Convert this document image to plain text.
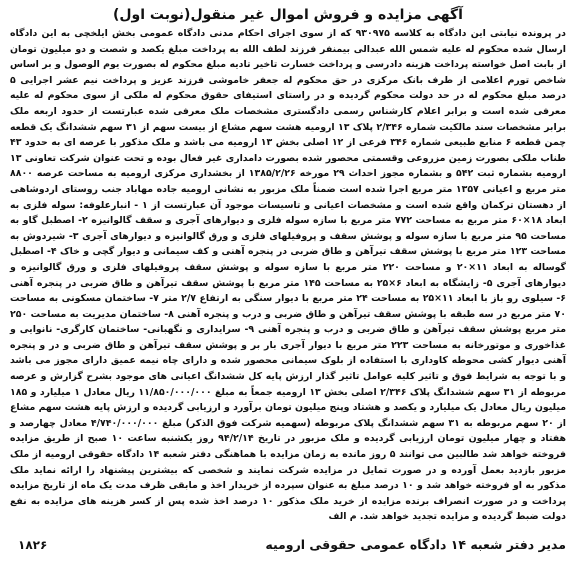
آگهی مزایده و فروش اموال غیر منقول(نوبت اول)

در پرونده نیابتی این دادگاه به کلاسه ۹۳۰۹۷۵ که از سوی اجرای احکام مدنی دادگاه عمومی بخش ایلخچی به این دادگاه ارسال شده محکوم له علیه شمس الله عبدالی بیمنفر فرزند لطف الله به پرداخت مبلغ یکصد و شصت و دو میلیون تومان از بابت اصل خواسته پرداخت هزینه دادرسی و پرداخت خسارت تاخیر تادیه مبلغ محکوم له بصورت یوم الوصول و بر اساس شاخص تورم اعلامی از طرف بانک مرکزی در حق محکوم له جعفر خاموشی فرزند عزیز و پرداخت نیم عشر اجرایی ۵ درصد مبلغ محکوم له در حد دولت محکوم گردیده و در راستای استیفای حقوق محکوم له ملکی از سوی محکوم له علیه معرفی شده است و برابر اعلام کارشناس رسمی دادگستری مشخصات ملک معرفی شده عبارتست از حدود اربعه ملک برابر مشخصات سند مالکیت شماره ۲/۳۴۶ پلاک ۱۳ ارومیه هشت سهم مشاع از بیست سهم از ۳۱ سهم ششدانگ یک قطعه چمن قطعه ۶ منابع طبیعی شماره ۳۴۶ فرعی از ۱۲ اصلی بخش ۱۳ ارومیه می باشد و ملک مذکور با عرصه ای به حدود ۴۳ طناب ملکی بصورت زمین مزروعی وقسمتی محصور شده بصورت دامداری غیر فعال بوده و تحت عنوان شرکت تعاونی ۱۳ ارومیه بشماره ثبت ۵۴۲ و بشماره مجوز احداث ۲۹ مورخه ۱۳۸۵/۲/۲۶ از بخشداری مرکزی ارومیه به مساحت عرصه ۸۸۰۰ متر مربع و اعیانی ۱۳۵۷ متر مربع اجرا شده است ضمناً ملک مزبور به نشانی ارومیه جاده مهاباد جنب روستای اردوشاهی از دهستان ترکمان واقع شده است و مشخصات اعیانی و تاسیسات موجود آن عبارتست از ۱ - انبارعلوفه: سوله فلزی به ابعاد ۱۸×۶۰ متر مربع به مساحت ۷۷۲ متر مربع با سازه سوله فلزی و دیوارهای آجری و سقف گالوانیزه ۲- اصطبل گاو به مساحت ۹۵ متر مربع با سازه سوله و پوشش سقف و پروفیلهای فلزی و ورق گالوانیزه و دیوارهای آجری ۳- شیردوش به مساحت ۱۲۳ متر مربع با پوشش سقف تیرآهن و طاق ضربی در پنجره آهنی و کف سیمانی و دیوار گچی و خاک ۴- اصطبل گوساله به ابعاد ۱۱×۲۰ و مساحت ۲۲۰ متر مربع با سازه سوله و پوشش سقف پروفیلهای فلزی و ورق گالوانیزه و دیوارهای آجری ۵- زایشگاه به ابعاد ۶×۲۵ به مساحت ۱۴۵ متر مربع با پوشش سقف تیرآهن و طاق ضربی در پنجره آهنی ۶- سیلوی رو باز با ابعاد ۱۱×۲۵ به مساحت ۲۴ متر مربع با دیوار سنگی به ارتفاع ۲/۷ متر ۷- ساختمان مسکونی به مساحت ۷۰ متر مربع در سه طبقه با پوشش سقف تیرآهن و طاق ضربی و درب و پنجره آهنی ۸- ساختمان مدیریت به مساحت ۲۵۰ متر مربع پوشش سقف تیرآهن و طاق ضربی و درب و پنجره آهنی ۹- سرایداری و نگهبانی- ساختمان کارگری- نانوایی و غذاخوری و موتورخانه به مساحت ۲۲۳ متر مربع با دیوار آجری بار بر و پوشش سقف تیرآهن و طاق ضربی و در و پنجره آهنی دیوار کشی محوطه کاوداری با استفاده از بلوک سیمانی محصور شده و دارای چاه نیمه عمیق دارای مجوز می باشد و با توجه به شرایط فوق و تاثیر کلیه عوامل تاثیر گذار ارزش پایه کل ششدانگ اعیانی های موجود بشرح گزارش و عرصه مربوطه از ۳۱ سهم ششدانگ پلاک ۲/۳۴۶ اصلی بخش ۱۳ ارومیه جمعاً به مبلغ ۱۱/۸۵۰/۰۰۰/۰۰۰ ریال معادل ۱ میلیارد و ۱۸۵ میلیون ریال معادل یک میلیارد و یکصد و هشتاد وپنج میلیون تومان برآورد و ارزیابی گردیده و ارزش پایه هشت سهم مشاع از ۲۰ سهم مربوطه به ۳۱ سهم ششدانگ پلاک مربوطه (سهمیه شرکت فوق الذکر) مبلغ ۴/۷۴۰/۰۰۰/۰۰۰ معادل چهارصد و هفتاد و چهار میلیون تومان ارزیابی گردیده و ملک مزبور در تاریخ ۹۴/۲/۱۴ روز یکشنبه ساعت ۱۰ صبح از طریق مزایده فروخته خواهد شد طالبین می توانند ۵ روز مانده به زمان مزایده با هماهنگی دفتر شعبه ۱۴ دادگاه حقوقی ارومیه از ملک مزبور بازدید بعمل آورده و در صورت تمایل در مزایده شرکت نمایند و شخصی که بیشترین پیشنهاد را ارائه نماید ملک مذکور به او فروخته خواهد شد و ۱۰ درصد مبلغ به عنوان سپرده از خریدار اخذ و مابقی ظرف مدت یک ماه از تاریخ مزایده پرداخت و در صورت انصراف برنده مزایده از خرید ملک مذکور ۱۰ درصد اخذ شده پس از کسر هزینه های مزایده به نفع دولت ضبط گردیده و مزایده تجدید خواهد شد. م الف

مدیر دفتر شعبه ۱۴ دادگاه عمومی حقوقی ارومیه
۱۸۲۶
